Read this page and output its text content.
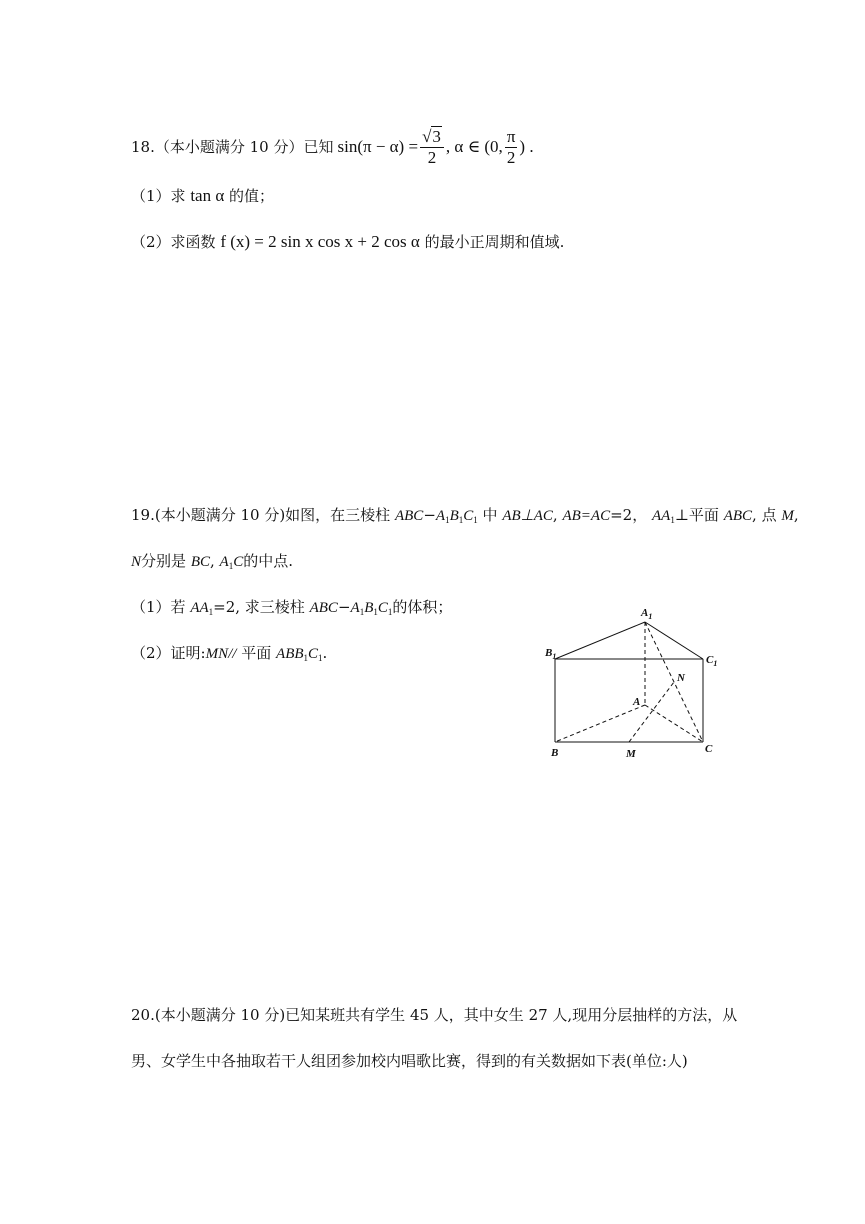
18. （本小题满分 10 分）已知 $\sin(\pi - \alpha) = \frac{√3}{2}$ , α ∈ (0, $\frac{\pi}{2}$ ) .
（1）求 tan α 的值；
（2）求函数 f (x) = 2 sin x cos x + 2 cos α 的最小正周期和值域.
19.(本小题满分 10 分)如图，在三棱柱 $ABC-A_1B_1C_1$ 中 AB⊥AC, AB=AC=2， $AA_1\perp$平面 ABC, 点 M,
N分别是 BC, $A_1C$的中点.
（1）若 $AA_1=2$, 求三棱柱 $ABC-A_1B_1C_1$的体积；
（2）证明:MN// 平面 $ABB_1C_1$.
$A_1$
$B_1$	$C_1$
N
A
B	M	C
20.(本小题满分 10 分)已知某班共有学生 45 人，其中女生 27 人,现用分层抽样的方法，从
男、女学生中各抽取若干人组团参加校内唱歌比赛，得到的有关数据如下表(单位:人)
